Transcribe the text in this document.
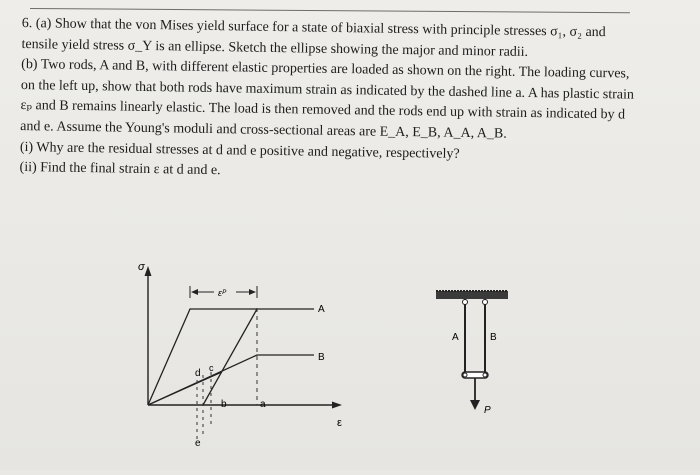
6. (a) Show that the von Mises yield surface for a state of biaxial stress with principle stresses σ₁, σ₂ and tensile yield stress σ_Y is an ellipse. Sketch the ellipse showing the major and minor radii.

(b) Two rods, A and B, with different elastic properties are loaded as shown on the right. The loading curves, on the left up, show that both rods have maximum strain as indicated by the dashed line a. A has plastic strain εₚ and B remains linearly elastic. The load is then removed and the rods end up with strain as indicated by d and e. Assume the Young's moduli and cross-sectional areas are E_A, E_B, A_A, A_B.

(i) Why are the residual stresses at d and e positive and negative, respectively?
(ii) Find the final strain ε at d and e.
σ
ε
A
B
εᴾ
a
b
c
d
e
A	B
P
